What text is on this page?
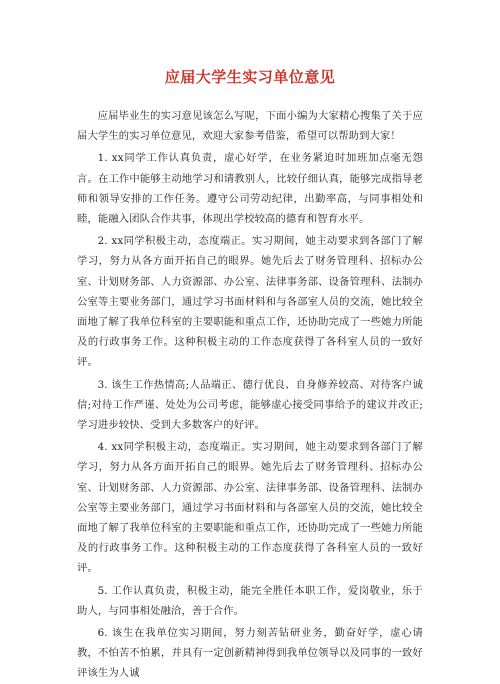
应届大学生实习单位意见

应届毕业生的实习意见该怎么写呢，下面小编为大家精心搜集了关于应届大学生的实习单位意见，欢迎大家参考借鉴，希望可以帮助到大家！

1. xx同学工作认真负责，虚心好学，在业务紧迫时加班加点毫无怨言。在工作中能够主动地学习和请教别人，比较仔细认真，能够完成指导老师和领导安排的工作任务。遵守公司劳动纪律，出勤率高，与同事相处和睦，能融入团队合作共事，体现出学校较高的德育和智育水平。

2. xx同学积极主动，态度端正。实习期间，她主动要求到各部门了解学习，努力从各方面开拓自己的眼界。她先后去了财务管理科、招标办公室、计划财务部、人力资源部、办公室、法律事务部、设备管理科、法制办公室等主要业务部门，通过学习书面材料和与各部室人员的交流，她比较全面地了解了我单位科室的主要职能和重点工作，还协助完成了一些她力所能及的行政事务工作。这种积极主动的工作态度获得了各科室人员的一致好评。

3. 该生工作热情高;人品端正、德行优良、自身修养较高、对待客户诚信;对待工作严谨、处处为公司考虑，能够虚心接受同事给予的建议并改正;学习进步较快、受到大多数客户的好评。

4. xx同学积极主动，态度端正。实习期间，她主动要求到各部门了解学习，努力从各方面开拓自己的眼界。她先后去了财务管理科、招标办公室、计划财务部、人力资源部、办公室、法律事务部、设备管理科、法制办公室等主要业务部门，通过学习书面材料和与各部室人员的交流，她比较全面地了解了我单位科室的主要职能和重点工作，还协助完成了一些她力所能及的行政事务工作。这种积极主动的工作态度获得了各科室人员的一致好评。

5. 工作认真负责，积极主动，能完全胜任本职工作，爱岗敬业，乐于助人，与同事相处融洽，善于合作。

6. 该生在我单位实习期间，努力刻苦钻研业务，勤奋好学，虚心请教，不怕苦不怕累，并具有一定创新精神得到我单位领导以及同事的一致好评该生为人诚
